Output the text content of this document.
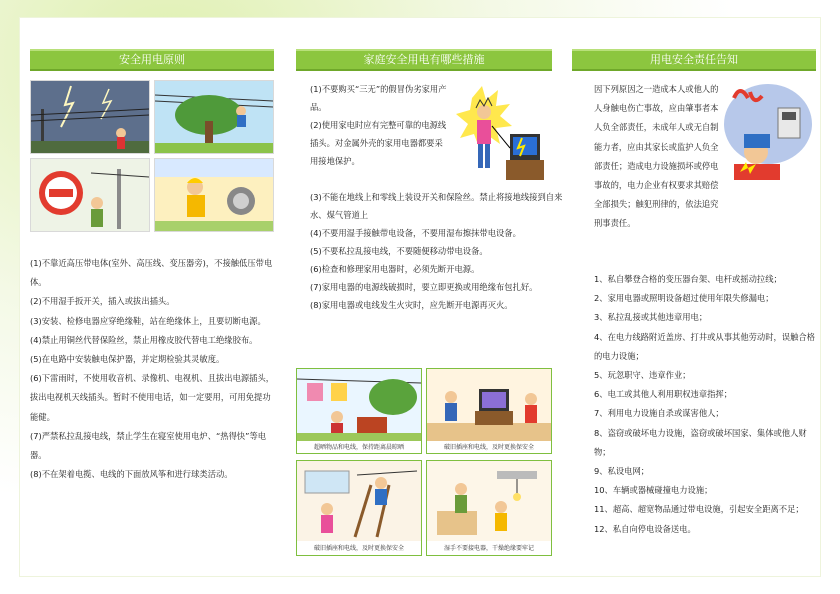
安全用电原则

(1)不靠近高压带电体(室外、高压线、变压器旁)，不接触低压带电体。

(2)不用湿手扳开关，插入或拔出插头。

(3)安装、检修电器应穿绝缘鞋，站在绝缘体上，且要切断电源。

(4)禁止用铜丝代替保险丝，禁止用橡皮胶代替电工绝缘胶布。

(5)在电路中安装触电保护器，并定期检验其灵敏度。

(6)下雷雨时，不使用收音机、录像机、电视机、且拔出电源插头，拔出电视机天线插头。暂时不使用电话，如一定要用，可用免提功能健。

(7)严禁私拉乱接电线，禁止学生在寝室使用电炉、“热得快”等电器。

(8)不在架着电揽、电线的下面放风筝和进行球类活动。

家庭安全用电有哪些措施

(1)不要购买“三无”的假冒伪劣家用产品。

(2)使用家电时应有完整可靠的电源线插头。对金属外壳的家用电器都要采用接地保护。

(3)不能在地线上和零线上装设开关和保险丝。禁止将接地线接到自来水、煤气管道上

(4)不要用湿手接触带电设备，不要用湿布擦抹带电设备。

(5)不要私拉乱接电线，不要随便移动带电设备。

(6)检查和修理家用电器时，必须先断开电源。

(7)家用电器的电源线破损时，要立即更换或用绝缘布包扎好。

(8)家用电器或电线发生火灾时，应先断开电源再灭火。

超晒物品和电线，保持距离晨晾晒	破旧插座和电线，及时更换保安全
破旧插座和电线，及时更换保安全	湿手不要接电器，干燥绝缘要牢记
用电安全责任告知

因下列原因之一造成本人或他人的人身触电伤亡事故，应由肇事者本人负全部责任，未成年人或无自制能力者，应由其家长或监护人负全部责任；造成电力设施损坏或停电事故的，电力企业有权要求其赔偿全部损失；触犯刑律的，依法追究刑事责任。

1、私自攀登合格的变压器台架、电杆或摇动拉线；

2、家用电器或照明设备超过使用年限失修漏电；

3、私拉乱接或其他违章用电；

4、在电力线路附近盖房、打井或从事其他劳动时，误触合格的电力设施；

5、玩忽职守、违章作业；

6、电工或其他人利用职权违章指挥；

7、利用电力设施自杀或谋害他人；

8、盗窃或破坏电力设施，盗窃或破坏国家、集体或他人财物；

9、私设电网；

10、车辆或器械碰撞电力设施；

11、超高、超宽物品通过带电设施，引起安全距离不足；

12、私自向停电设备送电。
